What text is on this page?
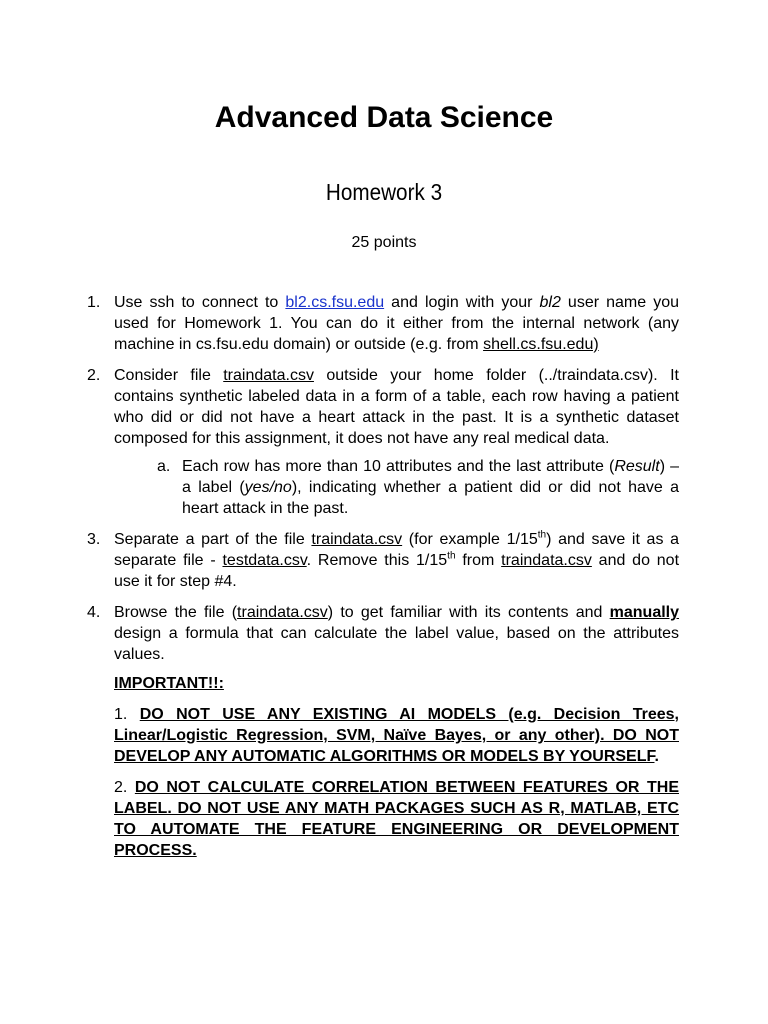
Advanced Data Science
Homework 3
25 points
1. Use ssh to connect to bl2.cs.fsu.edu and login with your bl2 user name you used for Homework 1. You can do it either from the internal network (any machine in cs.fsu.edu domain) or outside (e.g. from shell.cs.fsu.edu)
2. Consider file traindata.csv outside your home folder (../traindata.csv). It contains synthetic labeled data in a form of a table, each row having a patient who did or did not have a heart attack in the past. It is a synthetic dataset composed for this assignment, it does not have any real medical data.
a. Each row has more than 10 attributes and the last attribute (Result) – a label (yes/no), indicating whether a patient did or did not have a heart attack in the past.
3. Separate a part of the file traindata.csv (for example 1/15th) and save it as a separate file - testdata.csv. Remove this 1/15th from traindata.csv and do not use it for step #4.
4. Browse the file (traindata.csv) to get familiar with its contents and manually design a formula that can calculate the label value, based on the attributes values.
IMPORTANT!!:
1. DO NOT USE ANY EXISTING AI MODELS (e.g. Decision Trees, Linear/Logistic Regression, SVM, Naïve Bayes, or any other). DO NOT DEVELOP ANY AUTOMATIC ALGORITHMS OR MODELS BY YOURSELF.
2. DO NOT CALCULATE CORRELATION BETWEEN FEATURES OR THE LABEL. DO NOT USE ANY MATH PACKAGES SUCH AS R, MATLAB, ETC TO AUTOMATE THE FEATURE ENGINEERING OR DEVELOPMENT PROCESS.
